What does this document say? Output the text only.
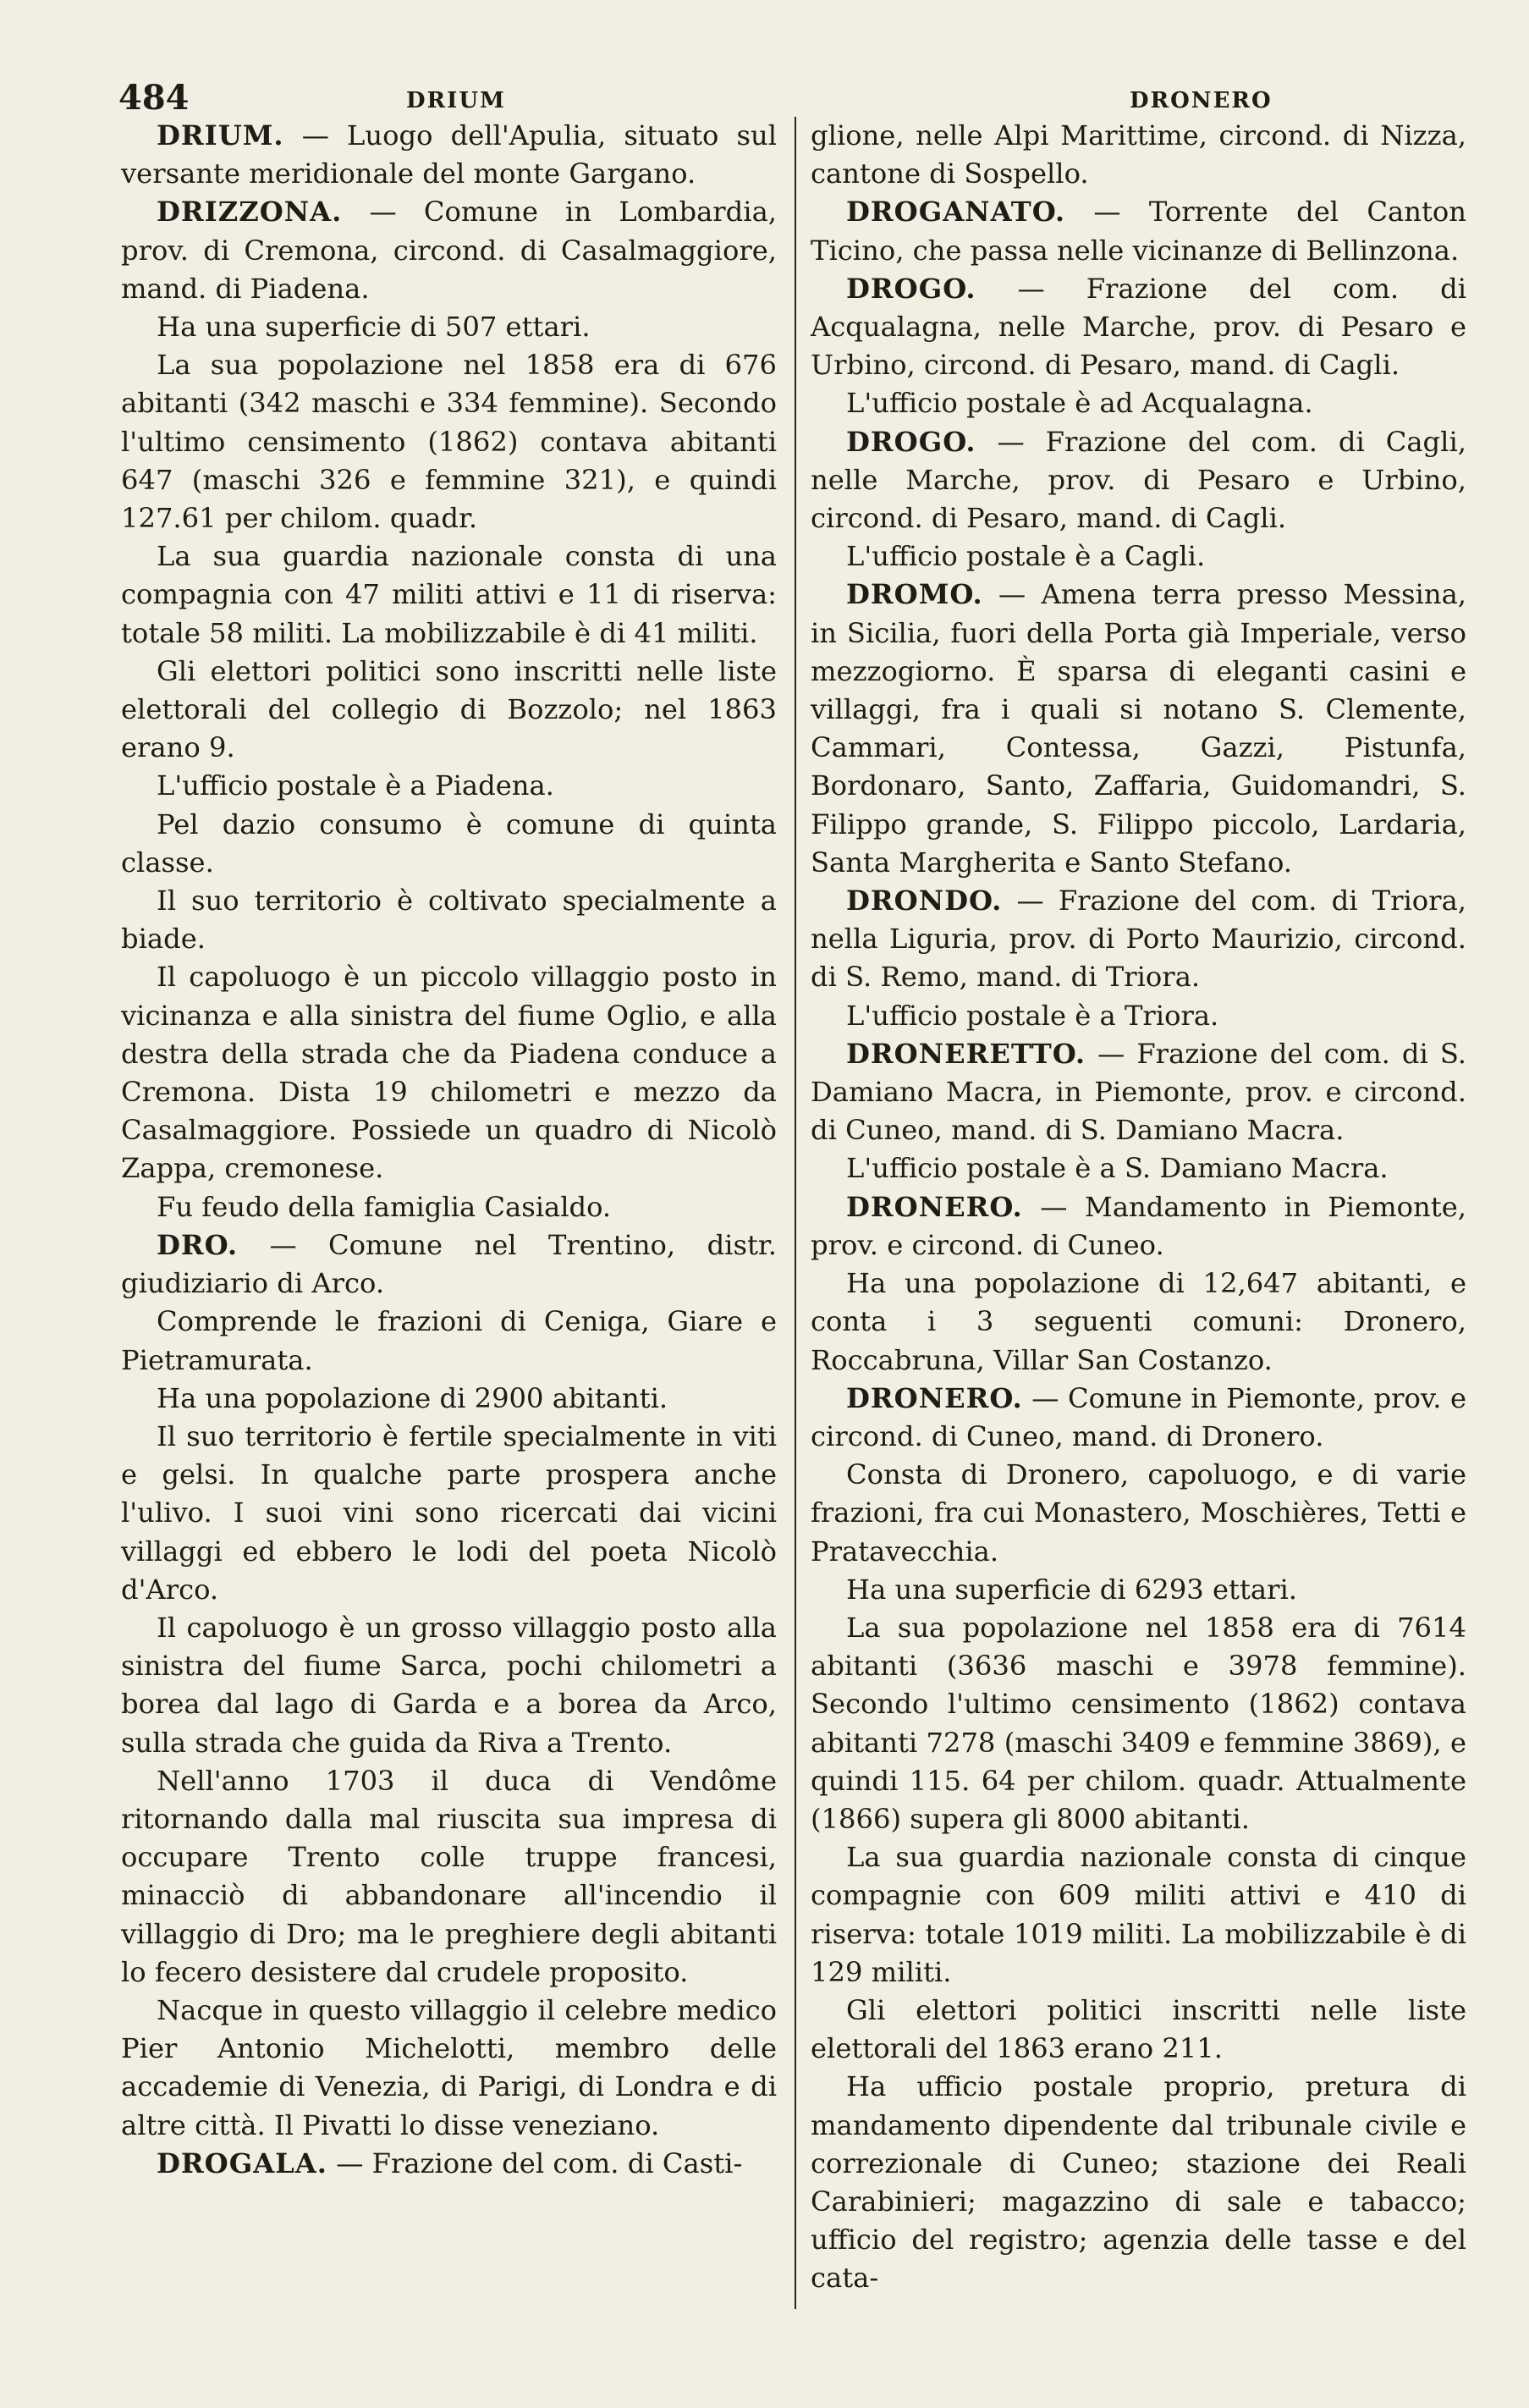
484	DRIUM	DRONERO

DRIUM. — Luogo dell'Apulia, situato sul versante meridionale del monte Gargano.

DRIZZONA. — Comune in Lombardia, prov. di Cremona, circond. di Casalmaggiore, mand. di Piadena.

Ha una superficie di 507 ettari.

La sua popolazione nel 1858 era di 676 abitanti (342 maschi e 334 femmine). Secondo l'ultimo censimento (1862) contava abitanti 647 (maschi 326 e femmine 321), e quindi 127.61 per chilom. quadr.

La sua guardia nazionale consta di una compagnia con 47 militi attivi e 11 di riserva: totale 58 militi. La mobilizzabile è di 41 militi.

Gli elettori politici sono inscritti nelle liste elettorali del collegio di Bozzolo; nel 1863 erano 9.

L'ufficio postale è a Piadena.

Pel dazio consumo è comune di quinta classe.

Il suo territorio è coltivato specialmente a biade.

Il capoluogo è un piccolo villaggio posto in vicinanza e alla sinistra del fiume Oglio, e alla destra della strada che da Piadena conduce a Cremona. Dista 19 chilometri e mezzo da Casalmaggiore. Possiede un quadro di Nicolò Zappa, cremonese.

Fu feudo della famiglia Casialdo.

DRO. — Comune nel Trentino, distr. giudiziario di Arco.

Comprende le frazioni di Ceniga, Giare e Pietramurata.

Ha una popolazione di 2900 abitanti.

Il suo territorio è fertile specialmente in viti e gelsi. In qualche parte prospera anche l'ulivo. I suoi vini sono ricercati dai vicini villaggi ed ebbero le lodi del poeta Nicolò d'Arco.

Il capoluogo è un grosso villaggio posto alla sinistra del fiume Sarca, pochi chilometri a borea dal lago di Garda e a borea da Arco, sulla strada che guida da Riva a Trento.

Nell'anno 1703 il duca di Vendôme ritornando dalla mal riuscita sua impresa di occupare Trento colle truppe francesi, minacciò di abbandonare all'incendio il villaggio di Dro; ma le preghiere degli abitanti lo fecero desistere dal crudele proposito.

Nacque in questo villaggio il celebre medico Pier Antonio Michelotti, membro delle accademie di Venezia, di Parigi, di Londra e di altre città. Il Pivatti lo disse veneziano.

DROGALA. — Frazione del com. di Casti-

glione, nelle Alpi Marittime, circond. di Nizza, cantone di Sospello.

DROGANATO. — Torrente del Canton Ticino, che passa nelle vicinanze di Bellinzona.

DROGO. — Frazione del com. di Acqualagna, nelle Marche, prov. di Pesaro e Urbino, circond. di Pesaro, mand. di Cagli.

L'ufficio postale è ad Acqualagna.

DROGO. — Frazione del com. di Cagli, nelle Marche, prov. di Pesaro e Urbino, circond. di Pesaro, mand. di Cagli.

L'ufficio postale è a Cagli.

DROMO. — Amena terra presso Messina, in Sicilia, fuori della Porta già Imperiale, verso mezzogiorno. È sparsa di eleganti casini e villaggi, fra i quali si notano S. Clemente, Cammari, Contessa, Gazzi, Pistunfa, Bordonaro, Santo, Zaffaria, Guidomandri, S. Filippo grande, S. Filippo piccolo, Lardaria, Santa Margherita e Santo Stefano.

DRONDO. — Frazione del com. di Triora, nella Liguria, prov. di Porto Maurizio, circond. di S. Remo, mand. di Triora.

L'ufficio postale è a Triora.

DRONERETTO. — Frazione del com. di S. Damiano Macra, in Piemonte, prov. e circond. di Cuneo, mand. di S. Damiano Macra.

L'ufficio postale è a S. Damiano Macra.

DRONERO. — Mandamento in Piemonte, prov. e circond. di Cuneo.

Ha una popolazione di 12,647 abitanti, e conta i 3 seguenti comuni: Dronero, Roccabruna, Villar San Costanzo.

DRONERO. — Comune in Piemonte, prov. e circond. di Cuneo, mand. di Dronero.

Consta di Dronero, capoluogo, e di varie frazioni, fra cui Monastero, Moschières, Tetti e Pratavecchia.

Ha una superficie di 6293 ettari.

La sua popolazione nel 1858 era di 7614 abitanti (3636 maschi e 3978 femmine). Secondo l'ultimo censimento (1862) contava abitanti 7278 (maschi 3409 e femmine 3869), e quindi 115. 64 per chilom. quadr. Attualmente (1866) supera gli 8000 abitanti.

La sua guardia nazionale consta di cinque compagnie con 609 militi attivi e 410 di riserva: totale 1019 militi. La mobilizzabile è di 129 militi.

Gli elettori politici inscritti nelle liste elettorali del 1863 erano 211.

Ha ufficio postale proprio, pretura di mandamento dipendente dal tribunale civile e correzionale di Cuneo; stazione dei Reali Carabinieri; magazzino di sale e tabacco; ufficio del registro; agenzia delle tasse e del cata-
